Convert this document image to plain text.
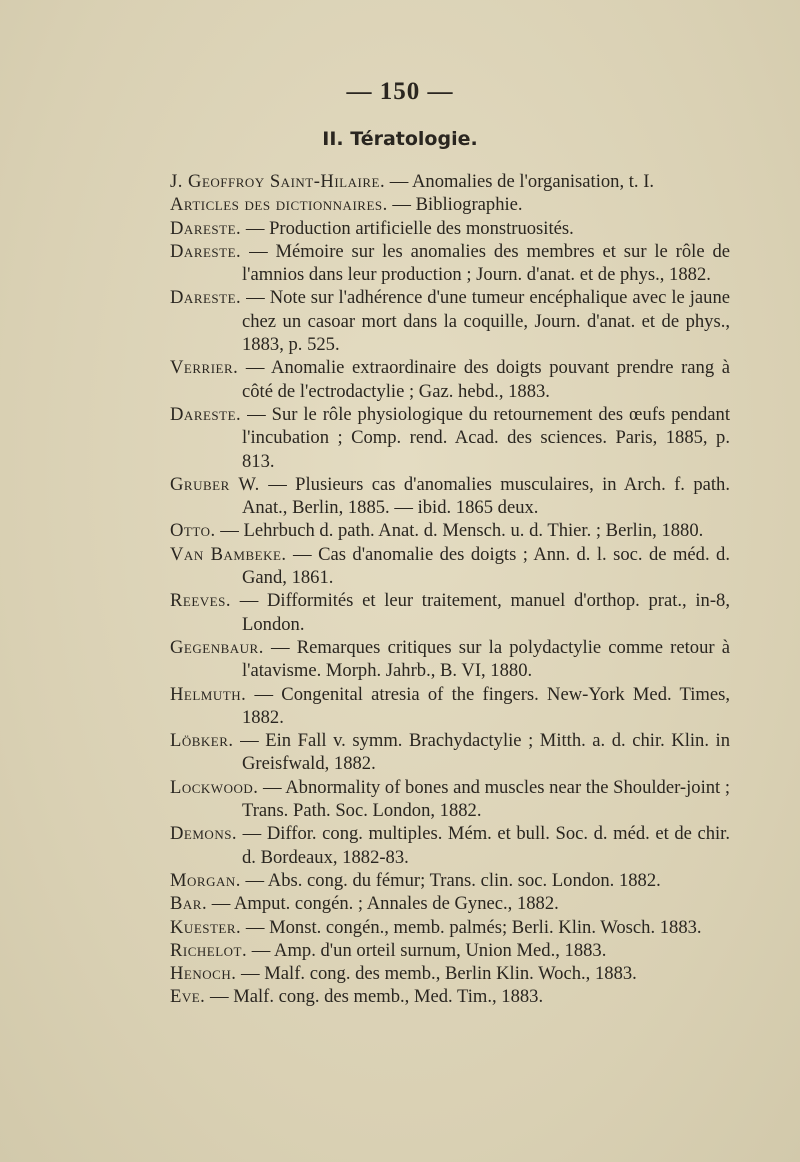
— 150 —
II. Tératologie.
J. Geoffroy Saint-Hilaire. — Anomalies de l'organisation, t. I.
Articles des dictionnaires. — Bibliographie.
Dareste. — Production artificielle des monstruosités.
Dareste. — Mémoire sur les anomalies des membres et sur le rôle de l'amnios dans leur production ; Journ. d'anat. et de phys., 1882.
Dareste. — Note sur l'adhérence d'une tumeur encéphalique avec le jaune chez un casoar mort dans la coquille, Journ. d'anat. et de phys., 1883, p. 525.
Verrier. — Anomalie extraordinaire des doigts pouvant prendre rang à côté de l'ectrodactylie ; Gaz. hebd., 1883.
Dareste. — Sur le rôle physiologique du retournement des œufs pendant l'incubation ; Comp. rend. Acad. des sciences. Paris, 1885, p. 813.
Gruber W. — Plusieurs cas d'anomalies musculaires, in Arch. f. path. Anat., Berlin, 1885. — ibid. 1865 deux.
Otto. — Lehrbuch d. path. Anat. d. Mensch. u. d. Thier. ; Berlin, 1880.
Van Bambeke. — Cas d'anomalie des doigts ; Ann. d. l. soc. de méd. d. Gand, 1861.
Reeves. — Difformités et leur traitement, manuel d'orthop. prat., in-8, London.
Gegenbaur. — Remarques critiques sur la polydactylie comme retour à l'atavisme. Morph. Jahrb., B. VI, 1880.
Helmuth. — Congenital atresia of the fingers. New-York Med. Times, 1882.
Löbker. — Ein Fall v. symm. Brachydactylie ; Mitth. a. d. chir. Klin. in Greisfwald, 1882.
Lockwood. — Abnormality of bones and muscles near the Shoulder-joint ; Trans. Path. Soc. London, 1882.
Demons. — Diffor. cong. multiples. Mém. et bull. Soc. d. méd. et de chir. d. Bordeaux, 1882-83.
Morgan. — Abs. cong. du fémur; Trans. clin. soc. London. 1882.
Bar. — Amput. congén. ; Annales de Gynec., 1882.
Kuester. — Monst. congén., memb. palmés; Berli. Klin. Wosch. 1883.
Richelot. — Amp. d'un orteil surnum, Union Med., 1883.
Henoch. — Malf. cong. des memb., Berlin Klin. Woch., 1883.
Eve. — Malf. cong. des memb., Med. Tim., 1883.
